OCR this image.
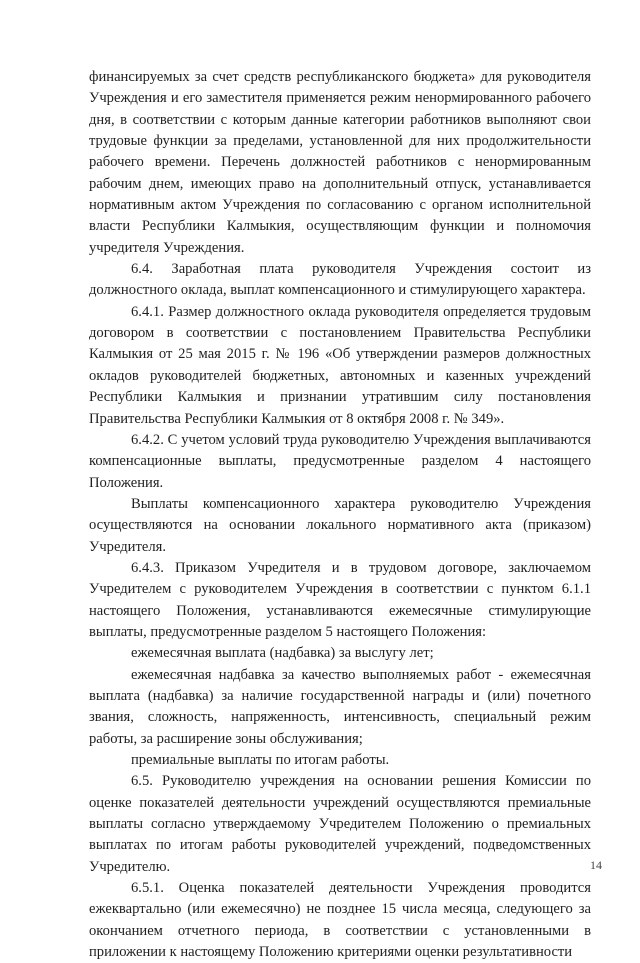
финансируемых за счет средств республиканского бюджета» для руководителя Учреждения и его заместителя применяется режим ненормированного рабочего дня, в соответствии с которым данные категории работников выполняют свои трудовые функции за пределами, установленной для них продолжительности рабочего времени. Перечень должностей работников с ненормированным рабочим днем, имеющих право на дополнительный отпуск, устанавливается нормативным актом Учреждения по согласованию с органом исполнительной власти Республики Калмыкия, осуществляющим функции и полномочия учредителя Учреждения.

6.4. Заработная плата руководителя Учреждения состоит из должностного оклада, выплат компенсационного и стимулирующего характера.

6.4.1. Размер должностного оклада руководителя определяется трудовым договором в соответствии с постановлением Правительства Республики Калмыкия от 25 мая 2015 г. № 196 «Об утверждении размеров должностных окладов руководителей бюджетных, автономных и казенных учреждений Республики Калмыкия и признании утратившим силу постановления Правительства Республики Калмыкия от 8 октября 2008 г. № 349».

6.4.2. С учетом условий труда руководителю Учреждения выплачиваются компенсационные выплаты, предусмотренные разделом 4 настоящего Положения.

Выплаты компенсационного характера руководителю Учреждения осуществляются на основании локального нормативного акта (приказом) Учредителя.

6.4.3. Приказом Учредителя и в трудовом договоре, заключаемом Учредителем с руководителем Учреждения в соответствии с пунктом 6.1.1 настоящего Положения, устанавливаются ежемесячные стимулирующие выплаты, предусмотренные разделом 5 настоящего Положения:

ежемесячная выплата (надбавка) за выслугу лет;

ежемесячная надбавка за качество выполняемых работ - ежемесячная выплата (надбавка) за наличие государственной награды и (или) почетного звания, сложность, напряженность, интенсивность, специальный режим работы, за расширение зоны обслуживания;

премиальные выплаты по итогам работы.

6.5. Руководителю учреждения на основании решения Комиссии по оценке показателей деятельности учреждений осуществляются премиальные выплаты согласно утверждаемому Учредителем Положению о премиальных выплатах по итогам работы руководителей учреждений, подведомственных Учредителю.

6.5.1. Оценка показателей деятельности Учреждения проводится ежеквартально (или ежемесячно) не позднее 15 числа месяца, следующего за окончанием отчетного периода, в соответствии с установленными в приложении к настоящему Положению критериями оценки результативности

14
